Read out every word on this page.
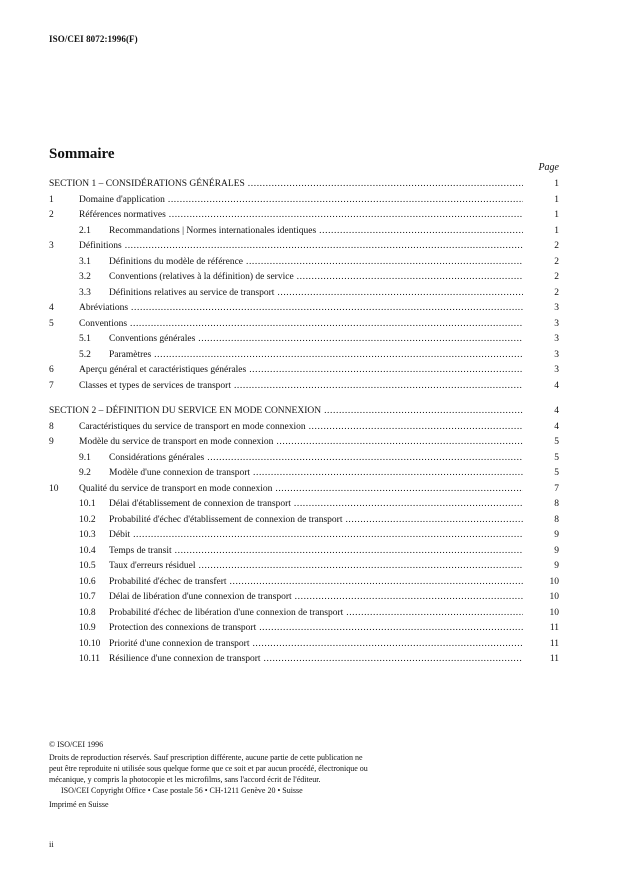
ISO/CEI 8072:1996(F)
Sommaire
Page
SECTION 1 – CONSIDÉRATIONS GÉNÉRALES .....	1
1	Domaine d'application .....	1
2	Références normatives .....	1
2.1 Recommandations | Normes internationales identiques .....	1
3	Définitions .....	2
3.1 Définitions du modèle de référence .....	2
3.2 Conventions (relatives à la définition) de service .....	2
3.3 Définitions relatives au service de transport .....	2
4	Abréviations .....	3
5	Conventions .....	3
5.1 Conventions générales .....	3
5.2 Paramètres .....	3
6	Aperçu général et caractéristiques générales .....	3
7	Classes et types de services de transport .....	4
SECTION 2 – DÉFINITION DU SERVICE EN MODE CONNEXION .....	4
8	Caractéristiques du service de transport en mode connexion .....	4
9	Modèle du service de transport en mode connexion .....	5
9.1 Considérations générales .....	5
9.2 Modèle d'une connexion de transport .....	5
10 Qualité du service de transport en mode connexion .....	7
10.1 Délai d'établissement de connexion de transport .....	8
10.2 Probabilité d'échec d'établissement de connexion de transport .....	8
10.3 Débit .....	9
10.4 Temps de transit .....	9
10.5 Taux d'erreurs résiduel .....	9
10.6 Probabilité d'échec de transfert .....	10
10.7 Délai de libération d'une connexion de transport .....	10
10.8 Probabilité d'échec de libération d'une connexion de transport .....	10
10.9 Protection des connexions de transport .....	11
10.10 Priorité d'une connexion de transport .....	11
10.11 Résilience d'une connexion de transport .....	11
© ISO/CEI 1996
Droits de reproduction réservés. Sauf prescription différente, aucune partie de cette publication ne
peut être reproduite ni utilisée sous quelque forme que ce soit et par aucun procédé, électronique ou
mécanique, y compris la photocopie et les microfilms, sans l'accord écrit de l'éditeur.
ISO/CEI Copyright Office • Case postale 56 • CH-1211 Genève 20 • Suisse
Imprimé en Suisse
ii
